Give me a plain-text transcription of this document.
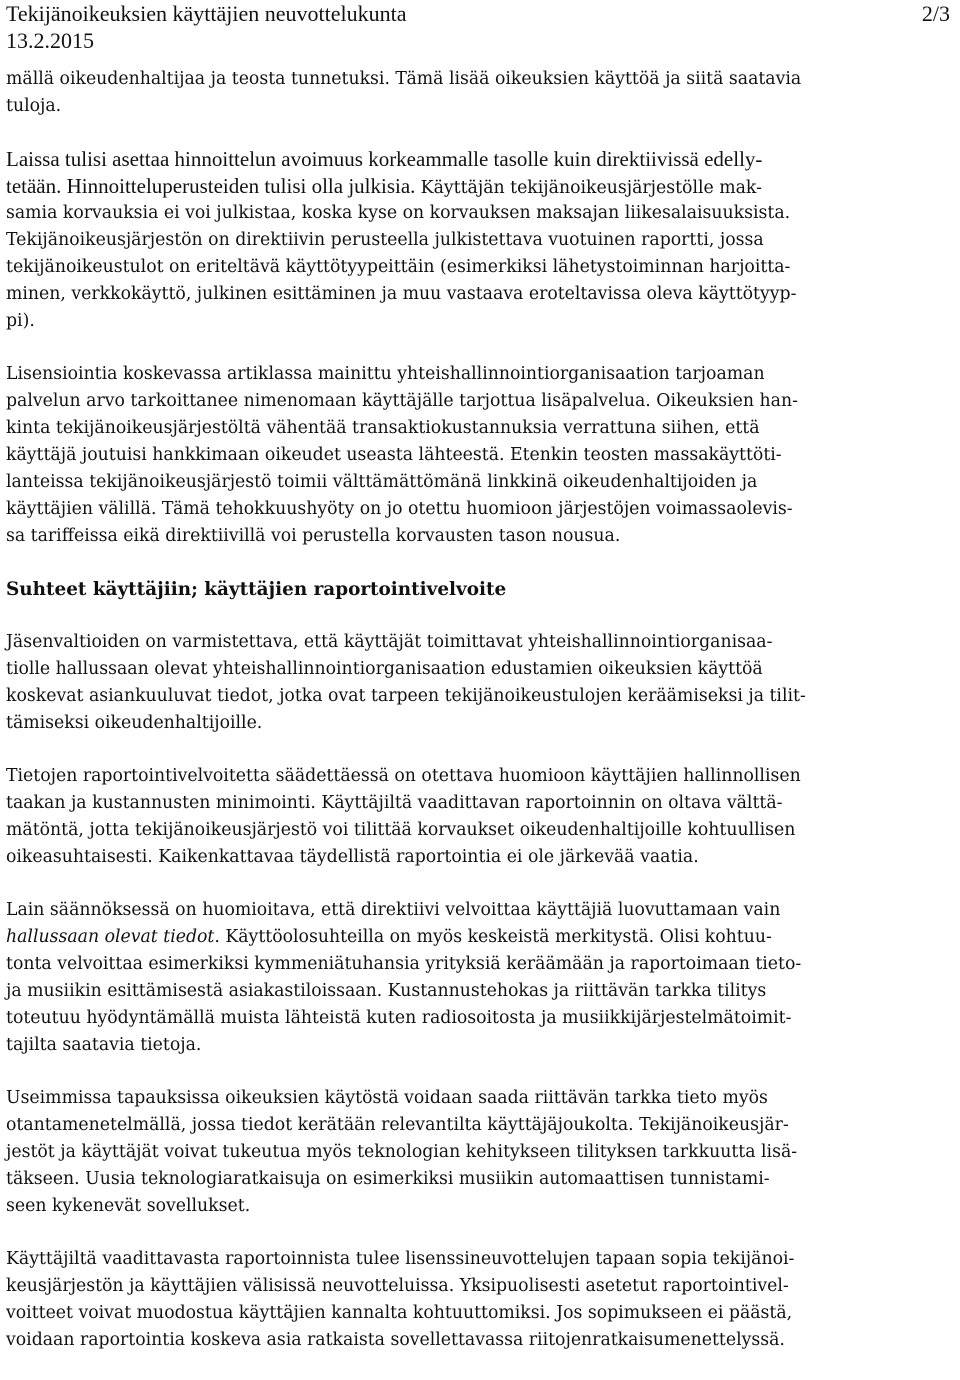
Tekijänoikeuksien käyttäjien neuvottelukunta	2/3
13.2.2015
mällä oikeudenhaltijaa ja teosta tunnetuksi. Tämä lisää oikeuksien käyttöä ja siitä saatavia
tuloja.
Laissa tulisi asettaa hinnoittelun avoimuus korkeammalle tasolle kuin direktiivissä edelly-
tetään. Hinnoitteluperusteiden tulisi olla julkisia. Käyttäjän tekijänoikeusjärjestölle mak-
samia korvauksia ei voi julkistaa, koska kyse on korvauksen maksajan liikesalaisuuksista.
Tekijänoikeusjärjestön on direktiivin perusteella julkistettava vuotuinen raportti, jossa
tekijänoikeustulot on eriteltävä käyttötyypeittäin (esimerkiksi lähetystoiminnan harjoitta-
minen, verkkokäyttö, julkinen esittäminen ja muu vastaava eroteltavissa oleva käyttötyyp-
pi).
Lisensiointia koskevassa artiklassa mainittu yhteishallinnointiorganisaation tarjoaman
palvelun arvo tarkoittanee nimenomaan käyttäjälle tarjottua lisäpalvelua. Oikeuksien han-
kinta tekijänoikeusjärjestöltä vähentää transaktiokustannuksia verrattuna siihen, että
käyttäjä joutuisi hankkimaan oikeudet useasta lähteestä. Etenkin teosten massakäyttöti-
lanteissa tekijänoikeusjärjestö toimii välttämättömänä linkkinä oikeudenhaltijoiden ja
käyttäjien välillä. Tämä tehokkuushyöty on jo otettu huomioon järjestöjen voimassaolevis-
sa tariffeissa eikä direktiivillä voi perustella korvausten tason nousua.
Suhteet käyttäjiin; käyttäjien raportointivelvoite
Jäsenvaltioiden on varmistettava, että käyttäjät toimittavat yhteishallinnointiorganisaa-
tiolle hallussaan olevat yhteishallinnointiorganisaation edustamien oikeuksien käyttöä
koskevat asiankuuluvat tiedot, jotka ovat tarpeen tekijänoikeustulojen keräämiseksi ja tilit-
tämiseksi oikeudenhaltijoille.
Tietojen raportointivelvoitetta säädettäessä on otettava huomioon käyttäjien hallinnollisen
taakan ja kustannusten minimointi. Käyttäjiltä vaadittavan raportoinnin on oltava välttä-
mätöntä, jotta tekijänoikeusjärjestö voi tilittää korvaukset oikeudenhaltijoille kohtuullisen
oikeasuhtaisesti. Kaikenkattavaa täydellistä raportointia ei ole järkevää vaatia.
Lain säännöksessä on huomioitava, että direktiivi velvoittaa käyttäjiä luovuttamaan vain
hallussaan olevat tiedot. Käyttöolosuhteilla on myös keskeistä merkitystä. Olisi kohtuu-
tonta velvoittaa esimerkiksi kymmeniätuhansia yrityksiä keräämään ja raportoimaan tieto-
ja musiikin esittämisestä asiakastiloissaan. Kustannustehokas ja riittävän tarkka tilitys
toteutuu hyödyntämällä muista lähteistä kuten radiosoitosta ja musiikkijärjestelmätoimit-
tajilta saatavia tietoja.
Useimmissa tapauksissa oikeuksien käytöstä voidaan saada riittävän tarkka tieto myös
otantamenetelmällä, jossa tiedot kerätään relevantilta käyttäjäjoukolta. Tekijänoikeusjär-
jestöt ja käyttäjät voivat tukeutua myös teknologian kehitykseen tilityksen tarkkuutta lisä-
täkseen. Uusia teknologiaratkaisuja on esimerkiksi musiikin automaattisen tunnistami-
seen kykenevät sovellukset.
Käyttäjiltä vaadittavasta raportoinnista tulee lisenssineuvottelujen tapaan sopia tekijänoi-
keusjärjestön ja käyttäjien välisissä neuvotteluissa. Yksipuolisesti asetetut raportointivel-
voitteet voivat muodostua käyttäjien kannalta kohtuuttomiksi. Jos sopimukseen ei päästä,
voidaan raportointia koskeva asia ratkaista sovellettavassa riitojenratkaisumenettelyssä.
